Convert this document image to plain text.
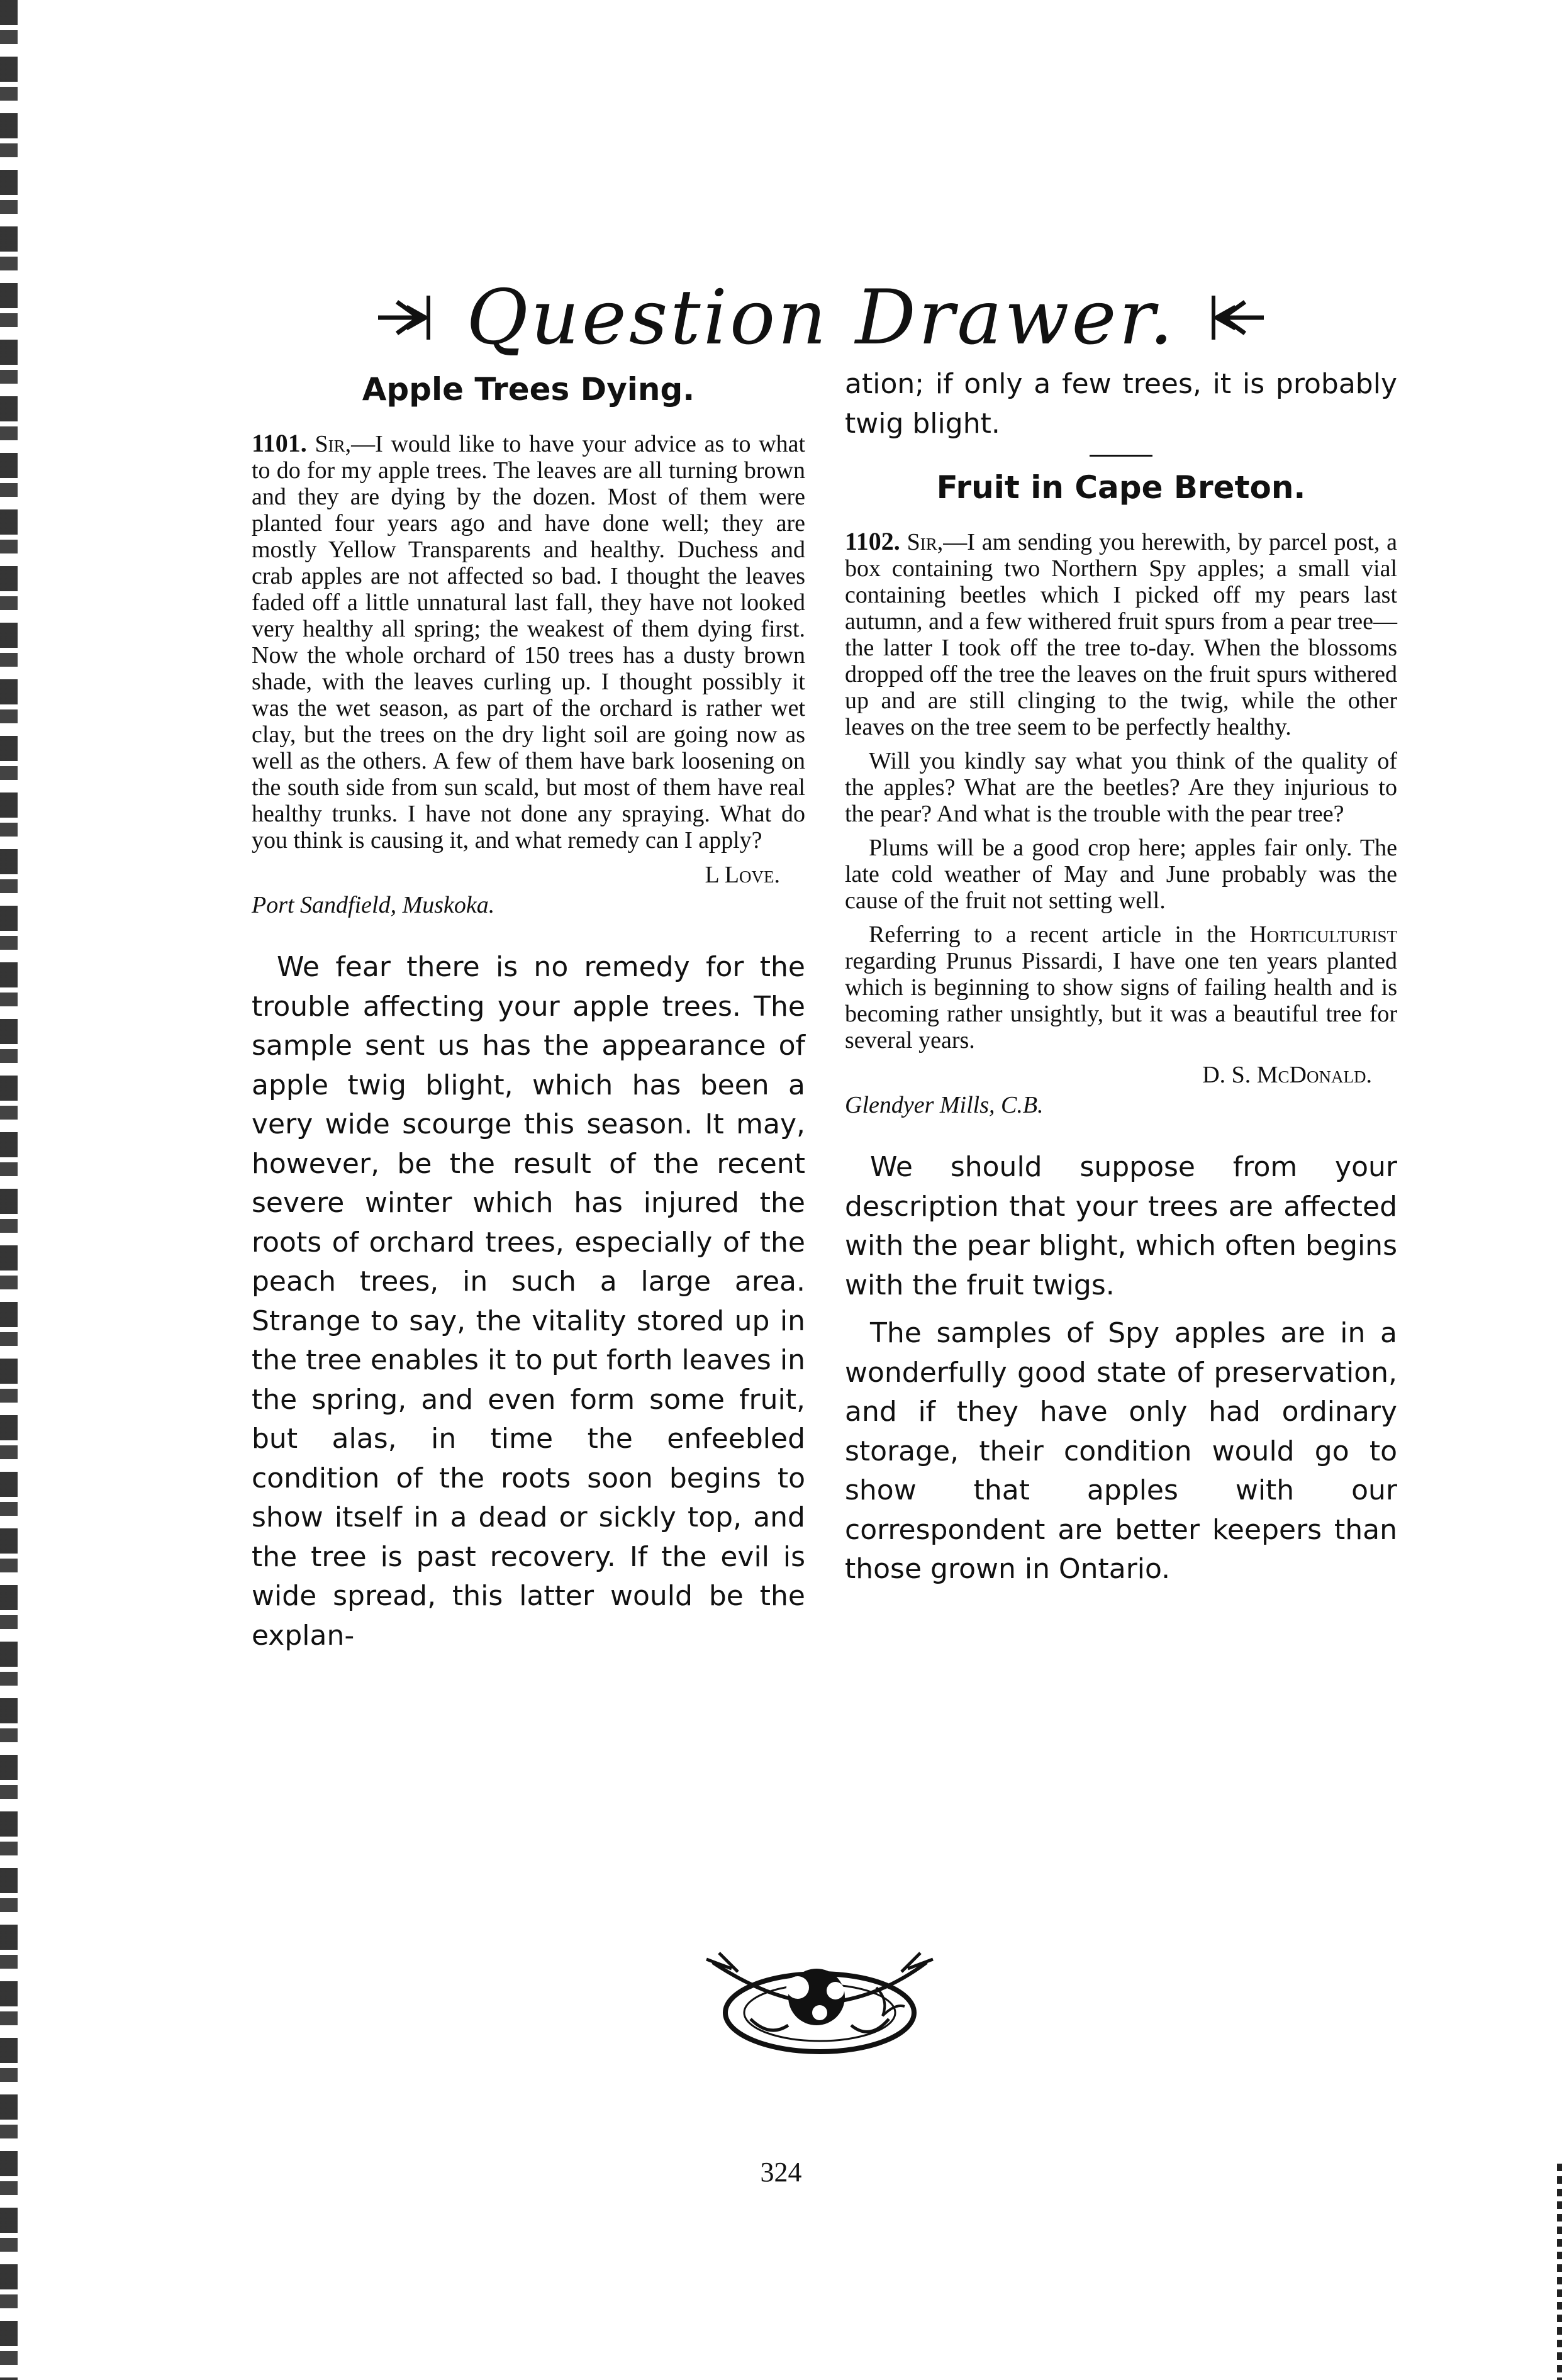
Question Drawer.
Apple Trees Dying.

1101. Sir,—I would like to have your advice as to what to do for my apple trees. The leaves are all turning brown and they are dying by the dozen. Most of them were planted four years ago and have done well; they are mostly Yellow Transparents and healthy. Duchess and crab apples are not affected so bad. I thought the leaves faded off a little unnatural last fall, they have not looked very healthy all spring; the weakest of them dying first. Now the whole orchard of 150 trees has a dusty brown shade, with the leaves curling up. I thought possibly it was the wet season, as part of the orchard is rather wet clay, but the trees on the dry light soil are going now as well as the others. A few of them have bark loosening on the south side from sun scald, but most of them have real healthy trunks. I have not done any spraying. What do you think is causing it, and what remedy can I apply?

L Love.
Port Sandfield, Muskoka.

We fear there is no remedy for the trouble affecting your apple trees. The sample sent us has the appearance of apple twig blight, which has been a very wide scourge this season. It may, however, be the result of the recent severe winter which has injured the roots of orchard trees, especially of the peach trees, in such a large area. Strange to say, the vitality stored up in the tree enables it to put forth leaves in the spring, and even form some fruit, but alas, in time the enfeebled condition of the roots soon begins to show itself in a dead or sickly top, and the tree is past recovery. If the evil is wide spread, this latter would be the explan-

ation; if only a few trees, it is probably twig blight.

Fruit in Cape Breton.

1102. Sir,—I am sending you herewith, by parcel post, a box containing two Northern Spy apples; a small vial containing beetles which I picked off my pears last autumn, and a few withered fruit spurs from a pear tree—the latter I took off the tree to-day. When the blossoms dropped off the tree the leaves on the fruit spurs withered up and are still clinging to the twig, while the other leaves on the tree seem to be perfectly healthy.

Will you kindly say what you think of the quality of the apples? What are the beetles? Are they injurious to the pear? And what is the trouble with the pear tree?

Plums will be a good crop here; apples fair only. The late cold weather of May and June probably was the cause of the fruit not setting well.

Referring to a recent article in the Horticulturist regarding Prunus Pissardi, I have one ten years planted which is beginning to show signs of failing health and is becoming rather unsightly, but it was a beautiful tree for several years.

D. S. McDonald.
Glendyer Mills, C.B.

We should suppose from your description that your trees are affected with the pear blight, which often begins with the fruit twigs.

The samples of Spy apples are in a wonderfully good state of preservation, and if they have only had ordinary storage, their condition would go to show that apples with our correspondent are better keepers than those grown in Ontario.

324
